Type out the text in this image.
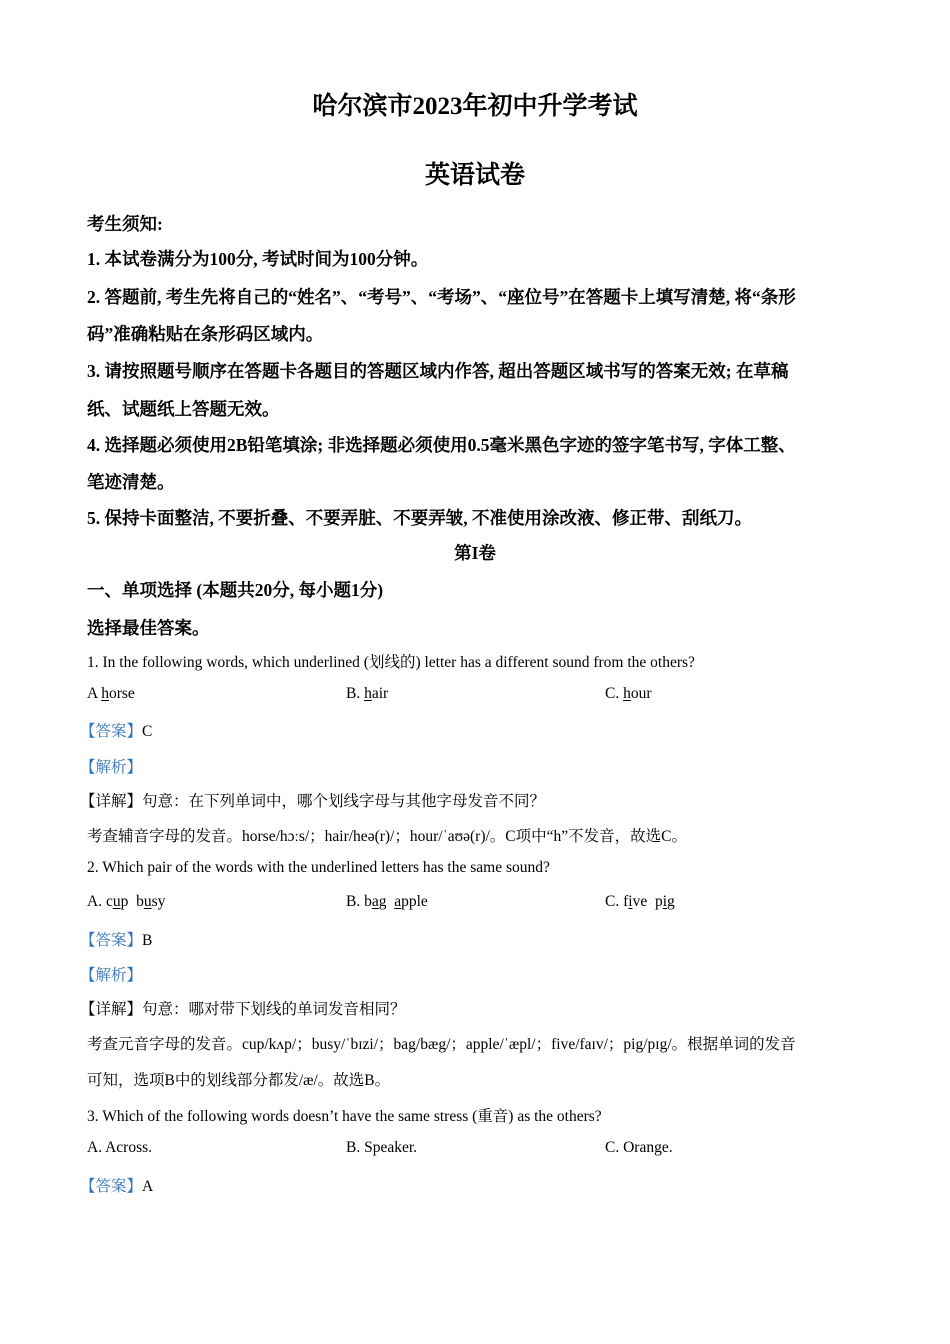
哈尔滨市2023年初中升学考试
英语试卷
考生须知:
1. 本试卷满分为100分, 考试时间为100分钟。
2. 答题前, 考生先将自己的“姓名”、“考号”、“考场”、“座位号”在答题卡上填写清楚, 将“条形
码”准确粘贴在条形码区域内。
3. 请按照题号顺序在答题卡各题目的答题区域内作答, 超出答题区域书写的答案无效; 在草稿
纸、试题纸上答题无效。
4. 选择题必须使用2B铅笔填涂; 非选择题必须使用0.5毫米黑色字迹的签字笔书写, 字体工整、
笔迹清楚。
5. 保持卡面整洁, 不要折叠、不要弄脏、不要弄皱, 不准使用涂改液、修正带、刮纸刀。
第I卷
一、单项选择 (本题共20分, 每小题1分)
选择最佳答案。
1. In the following words, which underlined (划线的) letter has a different sound from the others?
A horse	B. hair	C. hour
【答案】C
【解析】
【详解】句意：在下列单词中，哪个划线字母与其他字母发音不同？
考查辅音字母的发音。horse/hɔːs/；hair/heə(r)/；hour/ˈaʊə(r)/。C项中“h”不发音，故选C。
2. Which pair of the words with the underlined letters has the same sound?
A. cup  busy	B. bag  apple	C. five  pig
【答案】B
【解析】
【详解】句意：哪对带下划线的单词发音相同？
考查元音字母的发音。cup/kʌp/；busy/ˈbɪzi/；bag/bæg/；apple/ˈæpl/；five/faɪv/；pig/pɪg/。根据单词的发音
可知，选项B中的划线部分都发/æ/。故选B。
3. Which of the following words doesn’t have the same stress (重音) as the others?
A. Across.	B. Speaker.	C. Orange.
【答案】A
